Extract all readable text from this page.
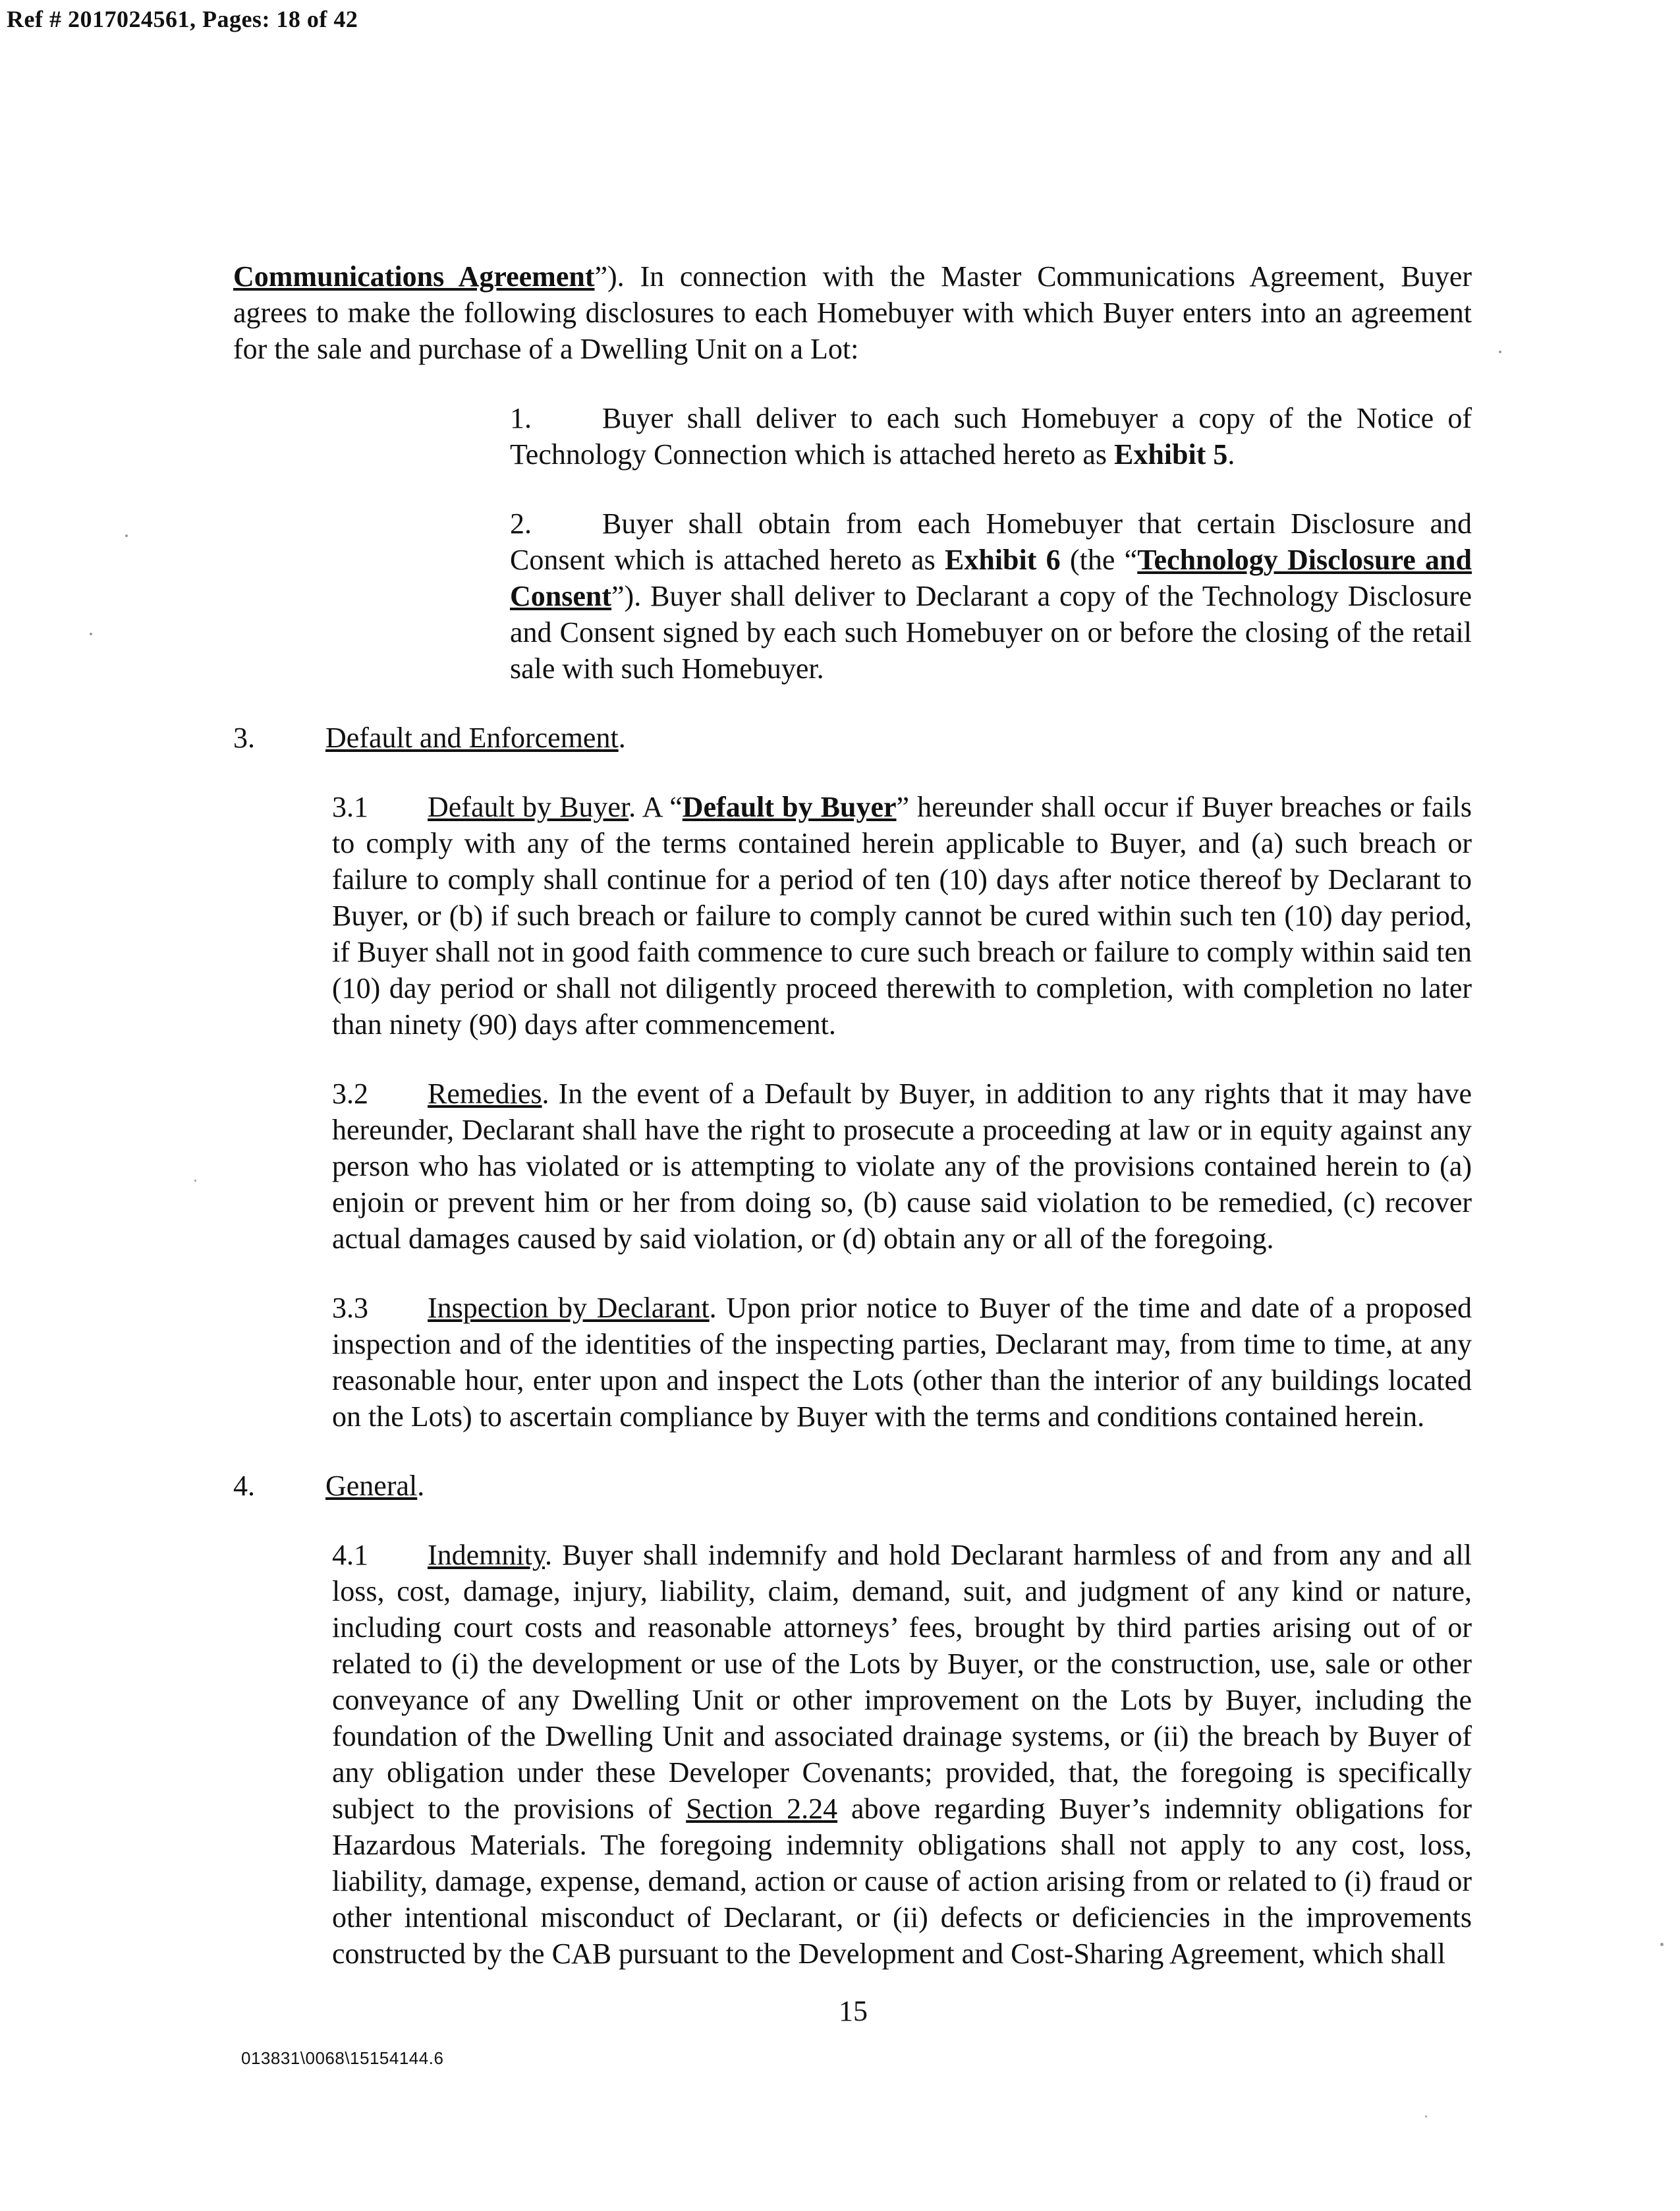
Ref # 2017024561, Pages: 18 of 42

Communications Agreement”). In connection with the Master Communications Agreement, Buyer agrees to make the following disclosures to each Homebuyer with which Buyer enters into an agreement for the sale and purchase of a Dwelling Unit on a Lot:

1. Buyer shall deliver to each such Homebuyer a copy of the Notice of Technology Connection which is attached hereto as Exhibit 5.

2. Buyer shall obtain from each Homebuyer that certain Disclosure and Consent which is attached hereto as Exhibit 6 (the “Technology Disclosure and Consent”). Buyer shall deliver to Declarant a copy of the Technology Disclosure and Consent signed by each such Homebuyer on or before the closing of the retail sale with such Homebuyer.

3. Default and Enforcement.

3.1 Default by Buyer. A “Default by Buyer” hereunder shall occur if Buyer breaches or fails to comply with any of the terms contained herein applicable to Buyer, and (a) such breach or failure to comply shall continue for a period of ten (10) days after notice thereof by Declarant to Buyer, or (b) if such breach or failure to comply cannot be cured within such ten (10) day period, if Buyer shall not in good faith commence to cure such breach or failure to comply within said ten (10) day period or shall not diligently proceed therewith to completion, with completion no later than ninety (90) days after commencement.

3.2 Remedies. In the event of a Default by Buyer, in addition to any rights that it may have hereunder, Declarant shall have the right to prosecute a proceeding at law or in equity against any person who has violated or is attempting to violate any of the provisions contained herein to (a) enjoin or prevent him or her from doing so, (b) cause said violation to be remedied, (c) recover actual damages caused by said violation, or (d) obtain any or all of the foregoing.

3.3 Inspection by Declarant. Upon prior notice to Buyer of the time and date of a proposed inspection and of the identities of the inspecting parties, Declarant may, from time to time, at any reasonable hour, enter upon and inspect the Lots (other than the interior of any buildings located on the Lots) to ascertain compliance by Buyer with the terms and conditions contained herein.

4. General.

4.1 Indemnity. Buyer shall indemnify and hold Declarant harmless of and from any and all loss, cost, damage, injury, liability, claim, demand, suit, and judgment of any kind or nature, including court costs and reasonable attorneys’ fees, brought by third parties arising out of or related to (i) the development or use of the Lots by Buyer, or the construction, use, sale or other conveyance of any Dwelling Unit or other improvement on the Lots by Buyer, including the foundation of the Dwelling Unit and associated drainage systems, or (ii) the breach by Buyer of any obligation under these Developer Covenants; provided, that, the foregoing is specifically subject to the provisions of Section 2.24 above regarding Buyer’s indemnity obligations for Hazardous Materials. The foregoing indemnity obligations shall not apply to any cost, loss, liability, damage, expense, demand, action or cause of action arising from or related to (i) fraud or other intentional misconduct of Declarant, or (ii) defects or deficiencies in the improvements constructed by the CAB pursuant to the Development and Cost-Sharing Agreement, which shall

15
013831\0068\15154144.6
